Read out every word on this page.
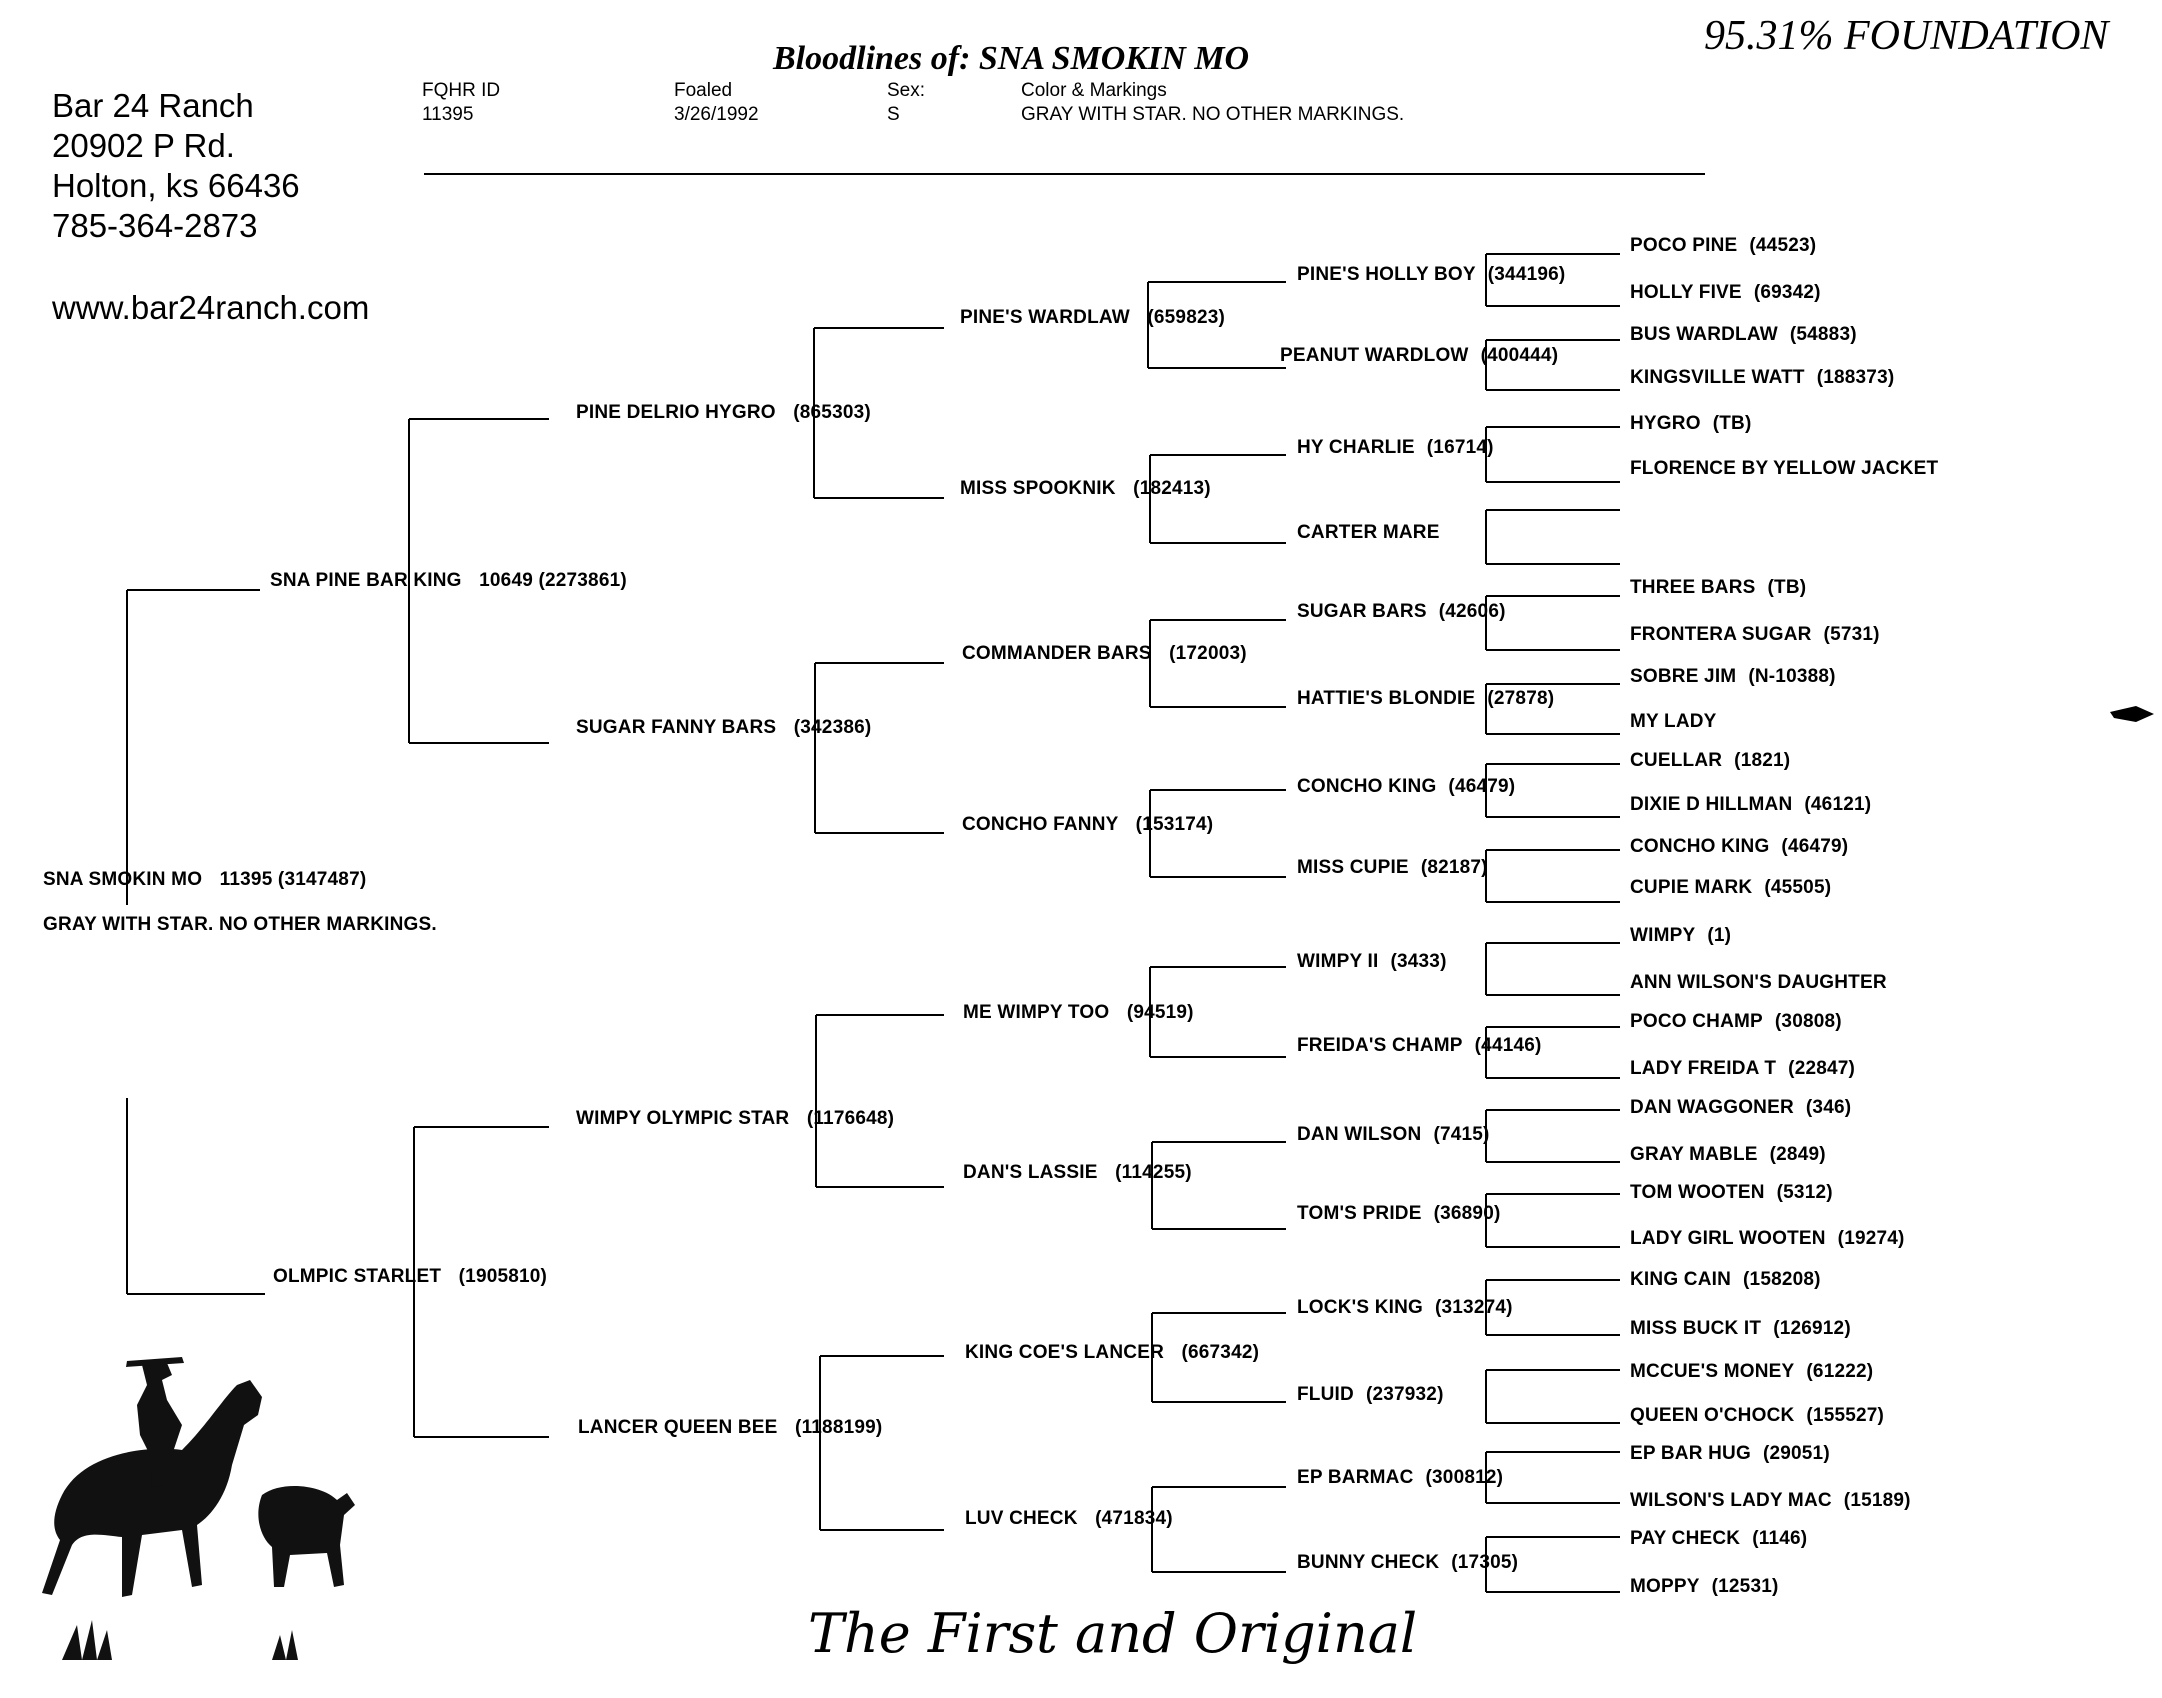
Bloodlines of: SNA SMOKIN MO	95.31% FOUNDATION
FQHR ID
11395
Foaled
3/26/1992
Sex:
S
Color & Markings
GRAY WITH STAR. NO OTHER MARKINGS.
Bar 24 Ranch
20902 P Rd.
Holton, ks 66436
785-364-2873
www.bar24ranch.com
SNA SMOKIN MO 11395 (3147487)
GRAY WITH STAR. NO OTHER MARKINGS.
SNA PINE BAR KING 10649 (2273861)
OLMPIC STARLET (1905810)
PINE DELRIO HYGRO (865303)
SUGAR FANNY BARS (342386)
WIMPY OLYMPIC STAR (1176648)
LANCER QUEEN BEE (1188199)
PINE'S WARDLAW (659823)
MISS SPOOKNIK (182413)
COMMANDER BARS (172003)
CONCHO FANNY (153174)
ME WIMPY TOO (94519)
DAN'S LASSIE (114255)
KING COE'S LANCER (667342)
LUV CHECK (471834)
PINE'S HOLLY BOY (344196)
PEANUT WARDLOW (400444)
HY CHARLIE (16714)
CARTER MARE
SUGAR BARS (42606)
HATTIE'S BLONDIE (27878)
CONCHO KING (46479)
MISS CUPIE (82187)
WIMPY II (3433)
FREIDA'S CHAMP (44146)
DAN WILSON (7415)
TOM'S PRIDE (36890)
LOCK'S KING (313274)
FLUID (237932)
EP BARMAC (300812)
BUNNY CHECK (17305)
POCO PINE (44523)
HOLLY FIVE (69342)
BUS WARDLAW (54883)
KINGSVILLE WATT (188373)
HYGRO (TB)
FLORENCE BY YELLOW JACKET
THREE BARS (TB)
FRONTERA SUGAR (5731)
SOBRE JIM (N-10388)
MY LADY
CUELLAR (1821)
DIXIE D HILLMAN (46121)
CONCHO KING (46479)
CUPIE MARK (45505)
WIMPY (1)
ANN WILSON'S DAUGHTER
POCO CHAMP (30808)
LADY FREIDA T (22847)
DAN WAGGONER (346)
GRAY MABLE (2849)
TOM WOOTEN (5312)
LADY GIRL WOOTEN (19274)
KING CAIN (158208)
MISS BUCK IT (126912)
MCCUE'S MONEY (61222)
QUEEN O'CHOCK (155527)
EP BAR HUG (29051)
WILSON'S LADY MAC (15189)
PAY CHECK (1146)
MOPPY (12531)
The First and Original
